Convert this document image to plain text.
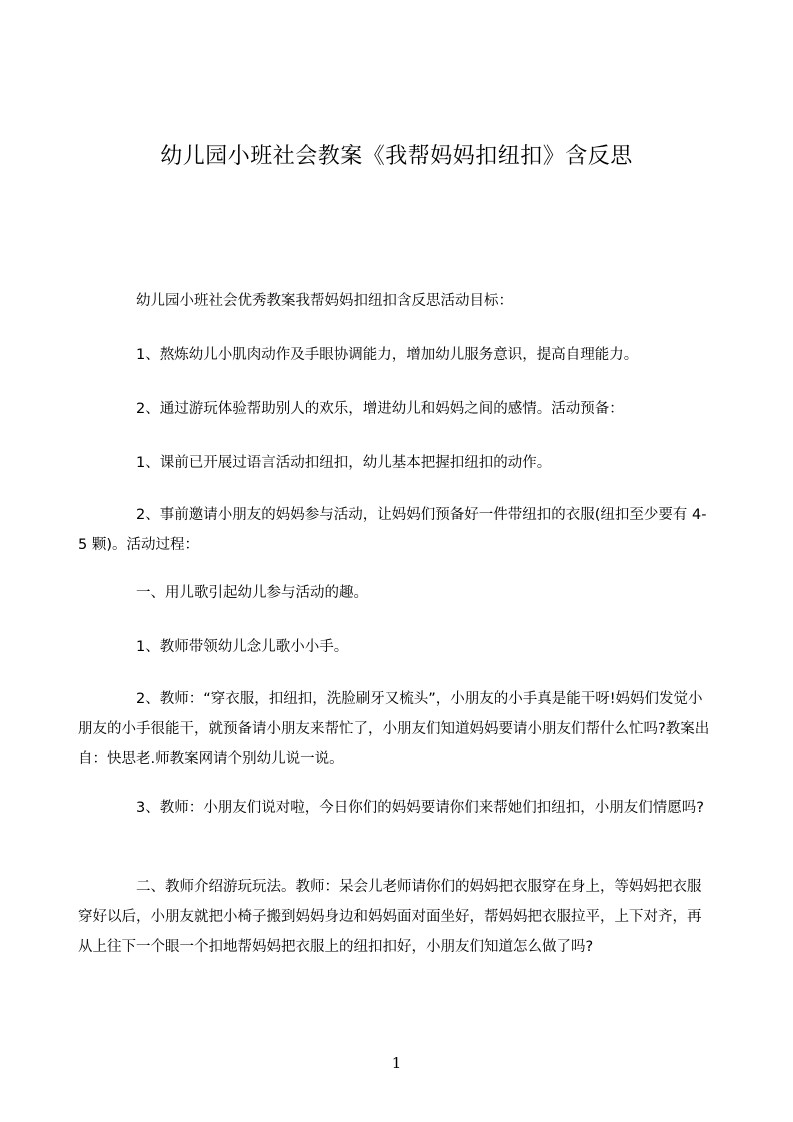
幼儿园小班社会教案《我帮妈妈扣纽扣》含反思

幼儿园小班社会优秀教案我帮妈妈扣纽扣含反思活动目标：

1、熬炼幼儿小肌肉动作及手眼协调能力，增加幼儿服务意识，提高自理能力。

2、通过游玩体验帮助别人的欢乐，增进幼儿和妈妈之间的感情。活动预备：

1、课前已开展过语言活动扣纽扣，幼儿基本把握扣纽扣的动作。

2、事前邀请小朋友的妈妈参与活动，让妈妈们预备好一件带纽扣的衣服(纽扣至少要有 4-5 颗)。活动过程：

一、用儿歌引起幼儿参与活动的趣。

1、教师带领幼儿念儿歌小小手。

2、教师：“穿衣服，扣纽扣，洗脸刷牙又梳头”，小朋友的小手真是能干呀!妈妈们发觉小朋友的小手很能干，就预备请小朋友来帮忙了，小朋友们知道妈妈要请小朋友们帮什么忙吗?教案出自：快思老.师教案网请个别幼儿说一说。

3、教师：小朋友们说对啦，今日你们的妈妈要请你们来帮她们扣纽扣，小朋友们情愿吗?

二、教师介绍游玩玩法。教师：呆会儿老师请你们的妈妈把衣服穿在身上，等妈妈把衣服穿好以后，小朋友就把小椅子搬到妈妈身边和妈妈面对面坐好，帮妈妈把衣服拉平，上下对齐，再从上往下一个眼一个扣地帮妈妈把衣服上的纽扣扣好，小朋友们知道怎么做了吗?

1
